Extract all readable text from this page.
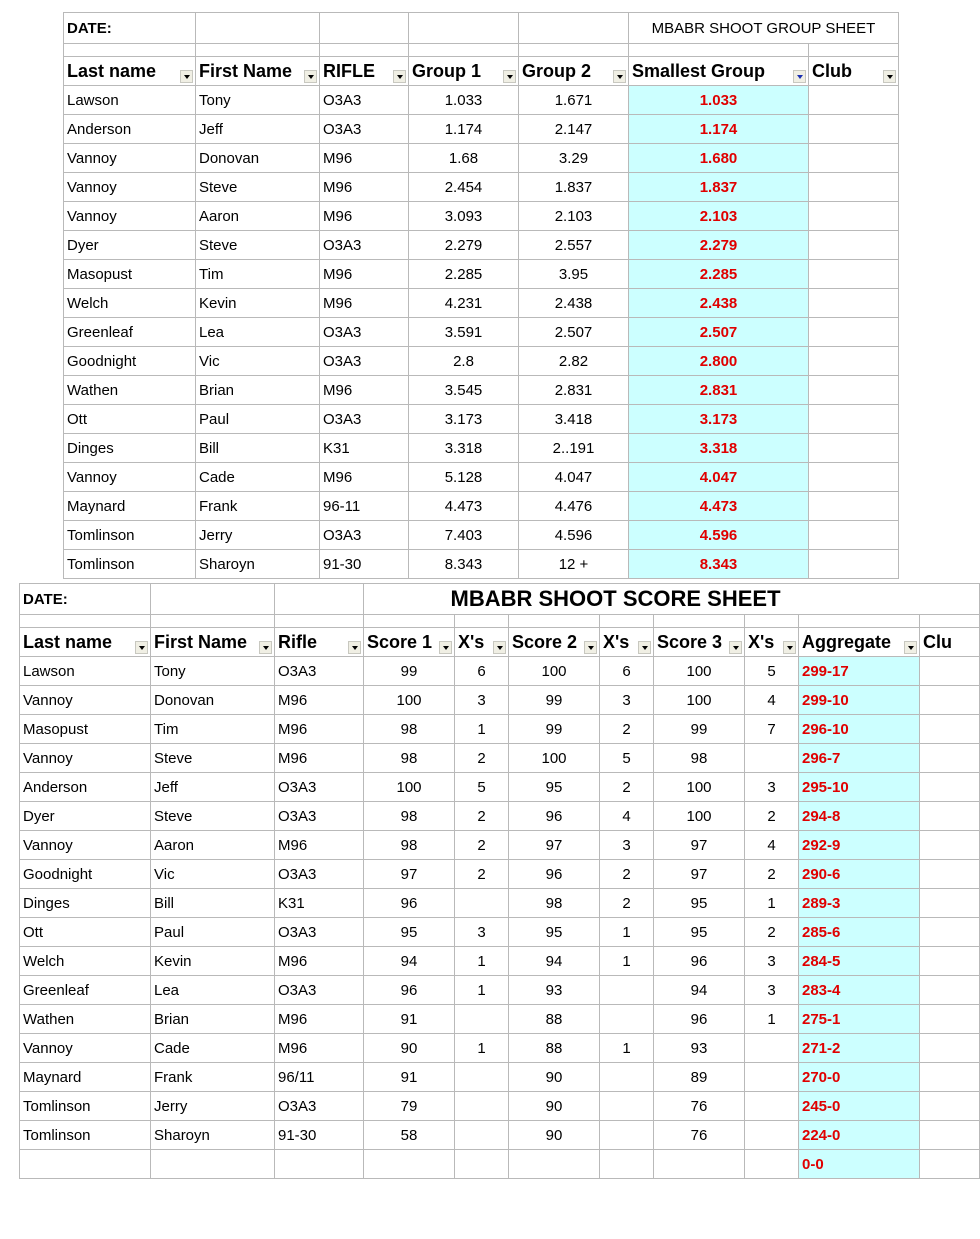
DATE:					MBABR SHOOT GROUP SHEET	

Last name	First Name	RIFLE	Group 1	Group 2	Smallest Group	Club

Lawson	Tony	O3A3	1.033	1.671	1.033	
Anderson	Jeff	O3A3	1.174	2.147	1.174	
Vannoy	Donovan	M96	1.68	3.29	1.680	
Vannoy	Steve	M96	2.454	1.837	1.837	
Vannoy	Aaron	M96	3.093	2.103	2.103	
Dyer	Steve	O3A3	2.279	2.557	2.279	
Masopust	Tim	M96	2.285	3.95	2.285	
Welch	Kevin	M96	4.231	2.438	2.438	
Greenleaf	Lea	O3A3	3.591	2.507	2.507	
Goodnight	Vic	O3A3	2.8	2.82	2.800	
Wathen	Brian	M96	3.545	2.831	2.831	
Ott	Paul	O3A3	3.173	3.418	3.173	
Dinges	Bill	K31	3.318	2..191	3.318	
Vannoy	Cade	M96	5.128	4.047	4.047	
Maynard	Frank	96-11	4.473	4.476	4.473	
Tomlinson	Jerry	O3A3	7.403	4.596	4.596	
Tomlinson	Sharoyn	91-30	8.343	12 +	8.343	
DATE:			MBABR SHOOT SCORE SHEET							

Last name	First Name	Rifle	Score 1	X's	Score 2	X's	Score 3	X's	Aggregate	Clu
Lawson	Tony	O3A3	99	6	100	6	100	5	299-17	
Vannoy	Donovan	M96	100	3	99	3	100	4	299-10	
Masopust	Tim	M96	98	1	99	2	99	7	296-10	
Vannoy	Steve	M96	98	2	100	5	98		296-7	
Anderson	Jeff	O3A3	100	5	95	2	100	3	295-10	
Dyer	Steve	O3A3	98	2	96	4	100	2	294-8	
Vannoy	Aaron	M96	98	2	97	3	97	4	292-9	
Goodnight	Vic	O3A3	97	2	96	2	97	2	290-6	
Dinges	Bill	K31	96		98	2	95	1	289-3	
Ott	Paul	O3A3	95	3	95	1	95	2	285-6	
Welch	Kevin	M96	94	1	94	1	96	3	284-5	
Greenleaf	Lea	O3A3	96	1	93		94	3	283-4	
Wathen	Brian	M96	91		88		96	1	275-1	
Vannoy	Cade	M96	90	1	88	1	93		271-2	
Maynard	Frank	96/11	91		90		89		270-0	
Tomlinson	Jerry	O3A3	79		90		76		245-0	
Tomlinson	Sharoyn	91-30	58		90		76		224-0	
									0-0	
